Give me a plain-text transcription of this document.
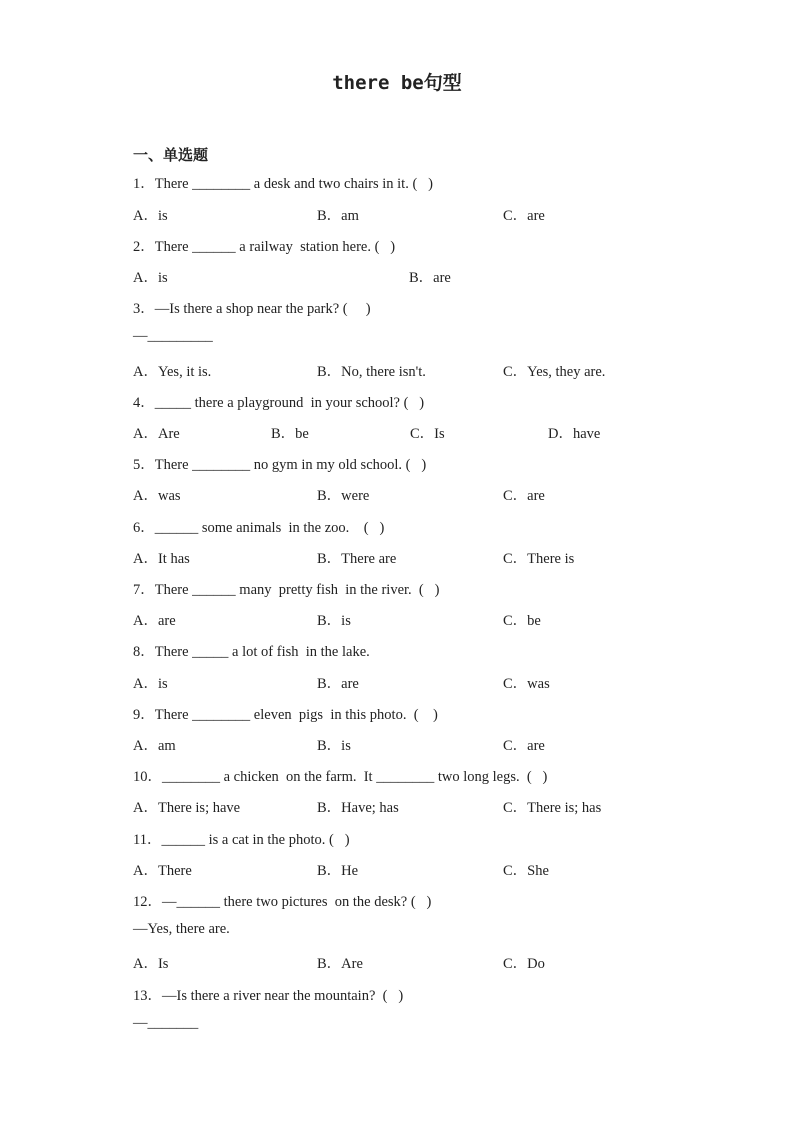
there be句型
一、单选题
1．There ________ a desk and two chairs in it. (   )
A．is	B．am	C．are
2．There ______ a railway  station here. (   )
A．is	B．are
3．—Is there a shop near the park? (     )
—_________
A．Yes, it is.	B．No, there isn't.	C．Yes, they are.
4．_____ there a playground  in your school? (   )
A．Are	B．be	C．Is	D．have
5．There ________ no gym in my old school. (   )
A．was	B．were	C．are
6．______ some animals  in the zoo.    (   )
A．It has	B．There are	C．There is
7．There ______ many  pretty fish  in the river.  (   )
A．are	B．is	C．be
8．There _____ a lot of fish  in the lake.
A．is	B．are	C．was
9．There ________ eleven  pigs  in this photo.  (    )
A．am	B．is	C．are
10．________ a chicken  on the farm.  It ________ two long legs.  (   )
A．There is; have	B．Have; has	C．There is; has
11．______ is a cat in the photo. (   )
A．There	B．He	C．She
12．—______ there two pictures  on the desk? (   )
—Yes, there are.
A．Is	B．Are	C．Do
13．—Is there a river near the mountain?  (   )
—_______
